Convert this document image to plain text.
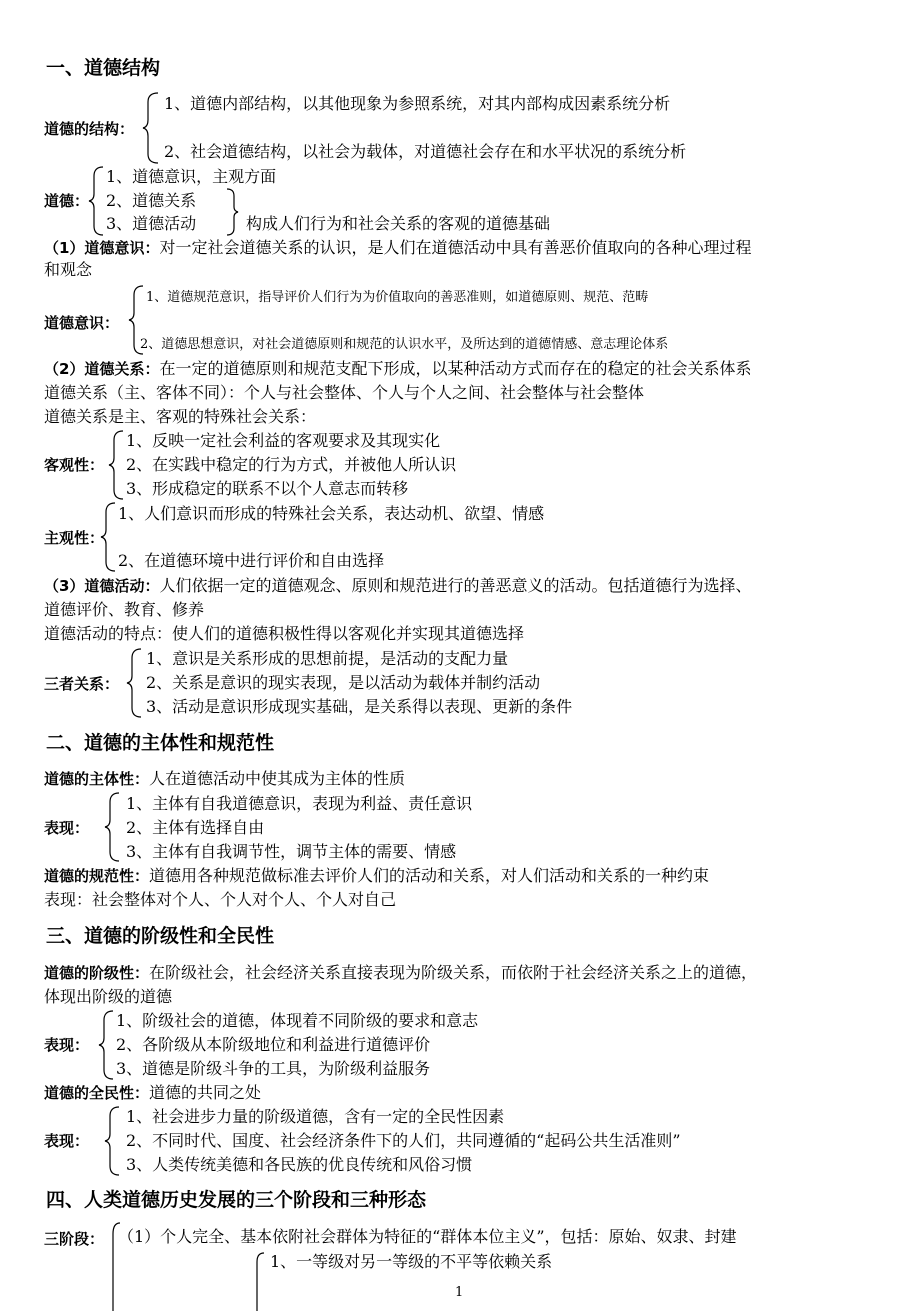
一、道德结构
1、道德内部结构，以其他现象为参照系统，对其内部构成因素系统分析
道德的结构：
2、社会道德结构，以社会为载体，对道德社会存在和水平状况的系统分析
1、道德意识，主观方面
道德： 2、道德关系
3、道德活动	构成人们行为和社会关系的客观的道德基础
（1）道德意识：对一定社会道德关系的认识，是人们在道德活动中具有善恶价值取向的各种心理过程
和观念
1、道德规范意识，指导评价人们行为为价值取向的善恶准则，如道德原则、规范、范畴
道德意识：
2、道德思想意识，对社会道德原则和规范的认识水平，及所达到的道德情感、意志理论体系
（2）道德关系：在一定的道德原则和规范支配下形成，以某种活动方式而存在的稳定的社会关系体系
道德关系（主、客体不同）：个人与社会整体、个人与个人之间、社会整体与社会整体
道德关系是主、客观的特殊社会关系：
1、反映一定社会利益的客观要求及其现实化
客观性： 2、在实践中稳定的行为方式，并被他人所认识
3、形成稳定的联系不以个人意志而转移
1、人们意识而形成的特殊社会关系，表达动机、欲望、情感
主观性：
2、在道德环境中进行评价和自由选择
（3）道德活动：人们依据一定的道德观念、原则和规范进行的善恶意义的活动。包括道德行为选择、
道德评价、教育、修养
道德活动的特点：使人们的道德积极性得以客观化并实现其道德选择
1、意识是关系形成的思想前提，是活动的支配力量
三者关系： 2、关系是意识的现实表现，是以活动为载体并制约活动
3、活动是意识形成现实基础，是关系得以表现、更新的条件
二、道德的主体性和规范性
道德的主体性：人在道德活动中使其成为主体的性质
1、主体有自我道德意识，表现为利益、责任意识
表现： 2、主体有选择自由
3、主体有自我调节性，调节主体的需要、情感
道德的规范性：道德用各种规范做标准去评价人们的活动和关系，对人们活动和关系的一种约束
表现：社会整体对个人、个人对个人、个人对自己
三、道德的阶级性和全民性
道德的阶级性：在阶级社会，社会经济关系直接表现为阶级关系，而依附于社会经济关系之上的道德，
体现出阶级的道德
1、阶级社会的道德，体现着不同阶级的要求和意志
表现： 2、各阶级从本阶级地位和利益进行道德评价
3、道德是阶级斗争的工具，为阶级利益服务
道德的全民性：道德的共同之处
1、社会进步力量的阶级道德，含有一定的全民性因素
表现： 2、不同时代、国度、社会经济条件下的人们，共同遵循的“起码公共生活准则”
3、人类传统美德和各民族的优良传统和风俗习惯
四、人类道德历史发展的三个阶段和三种形态
三阶段： （1）个人完全、基本依附社会群体为特征的“群体本位主义”，包括：原始、奴隶、封建
1、一等级对另一等级的不平等依赖关系
1
